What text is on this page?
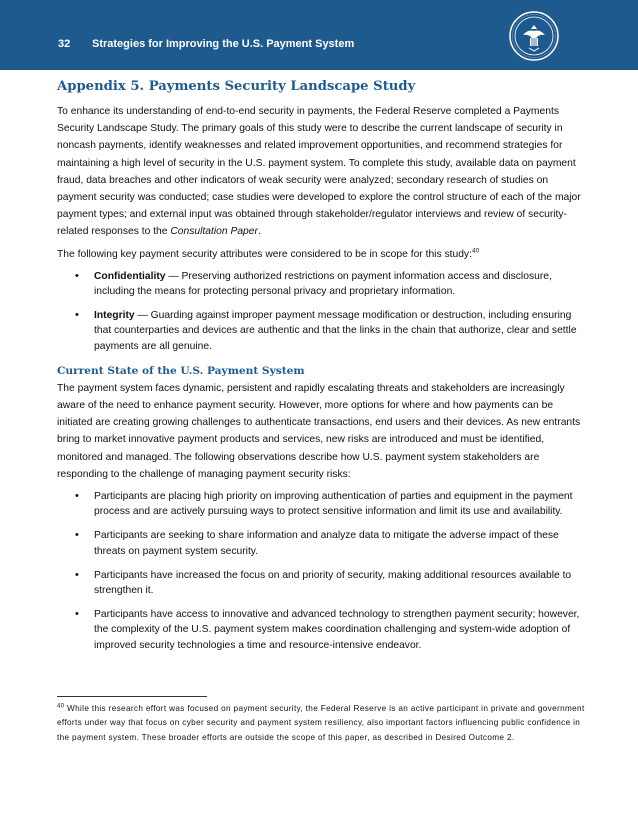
32 Strategies for Improving the U.S. Payment System
Appendix 5. Payments Security Landscape Study

To enhance its understanding of end-to-end security in payments, the Federal Reserve completed a Payments Security Landscape Study. The primary goals of this study were to describe the current landscape of security in noncash payments, identify weaknesses and related improvement opportunities, and recommend strategies for maintaining a high level of security in the U.S. payment system. To complete this study, available data on payment fraud, data breaches and other indicators of weak security were analyzed; secondary research of studies on payment security was conducted; case studies were developed to explore the control structure of each of the major payment types; and external input was obtained through stakeholder/regulator interviews and review of security-related responses to the Consultation Paper.

The following key payment security attributes were considered to be in scope for this study:$^{40}$

• Confidentiality — Preserving authorized restrictions on payment information access and disclosure, including the means for protecting personal privacy and proprietary information.
• Integrity — Guarding against improper payment message modification or destruction, including ensuring that counterparties and devices are authentic and that the links in the chain that authorize, clear and settle payments are all genuine.
Current State of the U.S. Payment System

The payment system faces dynamic, persistent and rapidly escalating threats and stakeholders are increasingly aware of the need to enhance payment security. However, more options for where and how payments can be initiated are creating growing challenges to authenticate transactions, end users and their devices. As new entrants bring to market innovative payment products and services, new risks are introduced and must be identified, monitored and managed. The following observations describe how U.S. payment system stakeholders are responding to the challenge of managing payment security risks:

• Participants are placing high priority on improving authentication of parties and equipment in the payment process and are actively pursuing ways to protect sensitive information and limit its use and availability.
• Participants are seeking to share information and analyze data to mitigate the adverse impact of these threats on payment system security.
• Participants have increased the focus on and priority of security, making additional resources available to strengthen it.
• Participants have access to innovative and advanced technology to strengthen payment security; however, the complexity of the U.S. payment system makes coordination challenging and system-wide adoption of improved security technologies a time and resource-intensive endeavor.

$^{40}$ While this research effort was focused on payment security, the Federal Reserve is an active participant in private and government efforts under way that focus on cyber security and payment system resiliency, also important factors influencing public confidence in the payment system. These broader efforts are outside the scope of this paper, as described in Desired Outcome 2.
